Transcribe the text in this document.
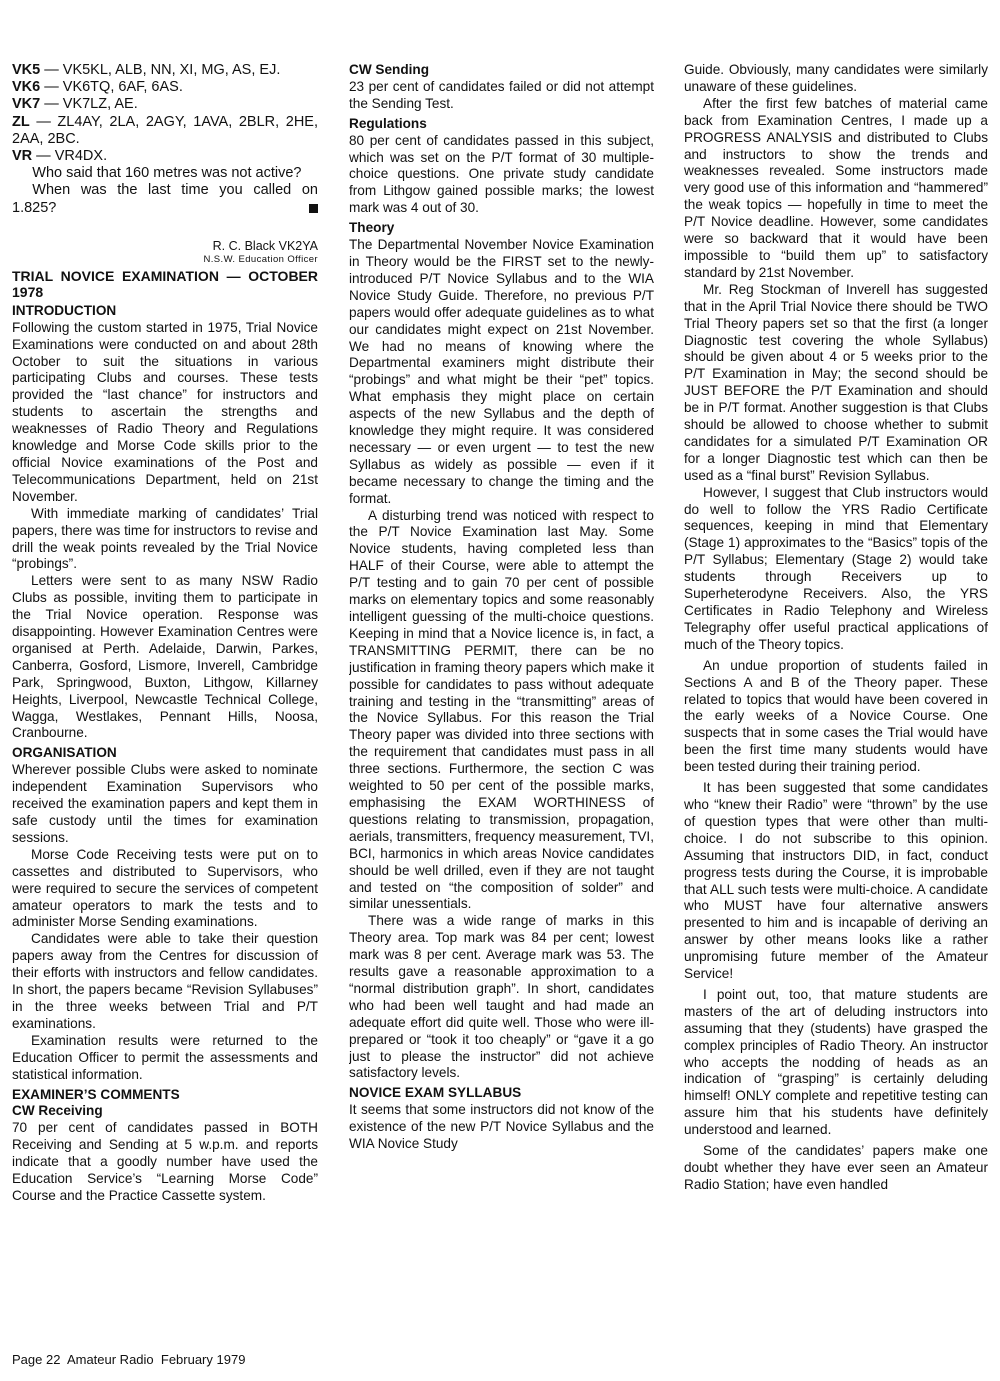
VK5 — VK5KL, ALB, NN, XI, MG, AS, EJ.

VK6 — VK6TQ, 6AF, 6AS.

VK7 — VK7LZ, AE.

ZL — ZL4AY, 2LA, 2AGY, 1AVA, 2BLR, 2HE, 2AA, 2BC.

VR — VR4DX.

Who said that 160 metres was not active?

When was the last time you called on 1.825?

R. C. Black VK2YA

N.S.W. Education Officer

TRIAL NOVICE EXAMINATION — OCTOBER 1978

INTRODUCTION

Following the custom started in 1975, Trial Novice Examinations were conducted on and about 28th October to suit the situations in various participating Clubs and courses. These tests provided the “last chance” for instructors and students to ascertain the strengths and weaknesses of Radio Theory and Regulations knowledge and Morse Code skills prior to the official Novice examinations of the Post and Telecommunications Department, held on 21st November.

With immediate marking of candidates’ Trial papers, there was time for instructors to revise and drill the weak points revealed by the Trial Novice “probings”.

Letters were sent to as many NSW Radio Clubs as possible, inviting them to participate in the Trial Novice operation. Response was disappointing. However Examination Centres were organised at Perth. Adelaide, Darwin, Parkes, Canberra, Gosford, Lismore, Inverell, Cambridge Park, Springwood, Buxton, Lithgow, Killarney Heights, Liverpool, Newcastle Technical College, Wagga, Westlakes, Pennant Hills, Noosa, Cranbourne.

ORGANISATION

Wherever possible Clubs were asked to nominate independent Examination Supervisors who received the examination papers and kept them in safe custody until the times for examination sessions.

Morse Code Receiving tests were put on to cassettes and distributed to Supervisors, who were required to secure the services of competent amateur operators to mark the tests and to administer Morse Sending examinations.

Candidates were able to take their question papers away from the Centres for discussion of their efforts with instructors and fellow candidates. In short, the papers became “Revision Syllabuses” in the three weeks between Trial and P/T examinations.

Examination results were returned to the Education Officer to permit the assessments and statistical information.

EXAMINER’S COMMENTS

CW Receiving

70 per cent of candidates passed in BOTH Receiving and Sending at 5 w.p.m. and reports indicate that a goodly number have used the Education Service’s “Learning Morse Code” Course and the Practice Cassette system.

CW Sending

23 per cent of candidates failed or did not attempt the Sending Test.

Regulations

80 per cent of candidates passed in this subject, which was set on the P/T format of 30 multiple-choice questions. One private study candidate from Lithgow gained possible marks; the lowest mark was 4 out of 30.

Theory

The Departmental November Novice Examination in Theory would be the FIRST set to the newly-introduced P/T Novice Syllabus and to the WIA Novice Study Guide. Therefore, no previous P/T papers would offer adequate guidelines as to what our candidates might expect on 21st November. We had no means of knowing where the Departmental examiners might distribute their “probings” and what might be their “pet” topics. What emphasis they might place on certain aspects of the new Syllabus and the depth of knowledge they might require. It was considered necessary — or even urgent — to test the new Syllabus as widely as possible — even if it became necessary to change the timing and the format.

A disturbing trend was noticed with respect to the P/T Novice Examination last May. Some Novice students, having completed less than HALF of their Course, were able to attempt the P/T testing and to gain 70 per cent of possible marks on elementary topics and some reasonably intelligent guessing of the multi-choice questions. Keeping in mind that a Novice licence is, in fact, a TRANSMITTING PERMIT, there can be no justification in framing theory papers which make it possible for candidates to pass without adequate training and testing in the “transmitting” areas of the Novice Syllabus. For this reason the Trial Theory paper was divided into three sections with the requirement that candidates must pass in all three sections. Furthermore, the section C was weighted to 50 per cent of the possible marks, emphasising the EXAM WORTHINESS of questions relating to transmission, propagation, aerials, transmitters, frequency measurement, TVI, BCI, harmonics in which areas Novice candidates should be well drilled, even if they are not taught and tested on “the composition of solder” and similar unessentials.

There was a wide range of marks in this Theory area. Top mark was 84 per cent; lowest mark was 8 per cent. Average mark was 53. The results gave a reasonable approximation to a “normal distribution graph”. In short, candidates who had been well taught and had made an adequate effort did quite well. Those who were ill-prepared or “took it too cheaply” or “gave it a go just to please the instructor” did not achieve satisfactory levels.

NOVICE EXAM SYLLABUS

It seems that some instructors did not know of the existence of the new P/T Novice Syllabus and the WIA Novice Study

Guide. Obviously, many candidates were similarly unaware of these guidelines.

After the first few batches of material came back from Examination Centres, I made up a PROGRESS ANALYSIS and distributed to Clubs and instructors to show the trends and weaknesses revealed. Some instructors made very good use of this information and “hammered” the weak topics — hopefully in time to meet the P/T Novice deadline. However, some candidates were so backward that it would have been impossible to “build them up” to satisfactory standard by 21st November.

Mr. Reg Stockman of Inverell has suggested that in the April Trial Novice there should be TWO Trial Theory papers set so that the first (a longer Diagnostic test covering the whole Syllabus) should be given about 4 or 5 weeks prior to the P/T Examination in May; the second should be JUST BEFORE the P/T Examination and should be in P/T format. Another suggestion is that Clubs should be allowed to choose whether to submit candidates for a simulated P/T Examination OR for a longer Diagnostic test which can then be used as a “final burst” Revision Syllabus.

However, I suggest that Club instructors would do well to follow the YRS Radio Certificate sequences, keeping in mind that Elementary (Stage 1) approximates to the “Basics” topis of the P/T Syllabus; Elementary (Stage 2) would take students through Receivers up to Superheterodyne Receivers. Also, the YRS Certificates in Radio Telephony and Wireless Telegraphy offer useful practical applications of much of the Theory topics.

An undue proportion of students failed in Sections A and B of the Theory paper. These related to topics that would have been covered in the early weeks of a Novice Course. One suspects that in some cases the Trial would have been the first time many students would have been tested during their training period.

It has been suggested that some candidates who “knew their Radio” were “thrown” by the use of question types that were other than multi-choice. I do not subscribe to this opinion. Assuming that instructors DID, in fact, conduct progress tests during the Course, it is improbable that ALL such tests were multi-choice. A candidate who MUST have four alternative answers presented to him and is incapable of deriving an answer by other means looks like a rather unpromising future member of the Amateur Service!

I point out, too, that mature students are masters of the art of deluding instructors into assuming that they (students) have grasped the complex principles of Radio Theory. An instructor who accepts the nodding of heads as an indication of “grasping” is certainly deluding himself! ONLY complete and repetitive testing can assure him that his students have definitely understood and learned.

Some of the candidates’ papers make one doubt whether they have ever seen an Amateur Radio Station; have even handled

Page 22  Amateur Radio  February 1979
